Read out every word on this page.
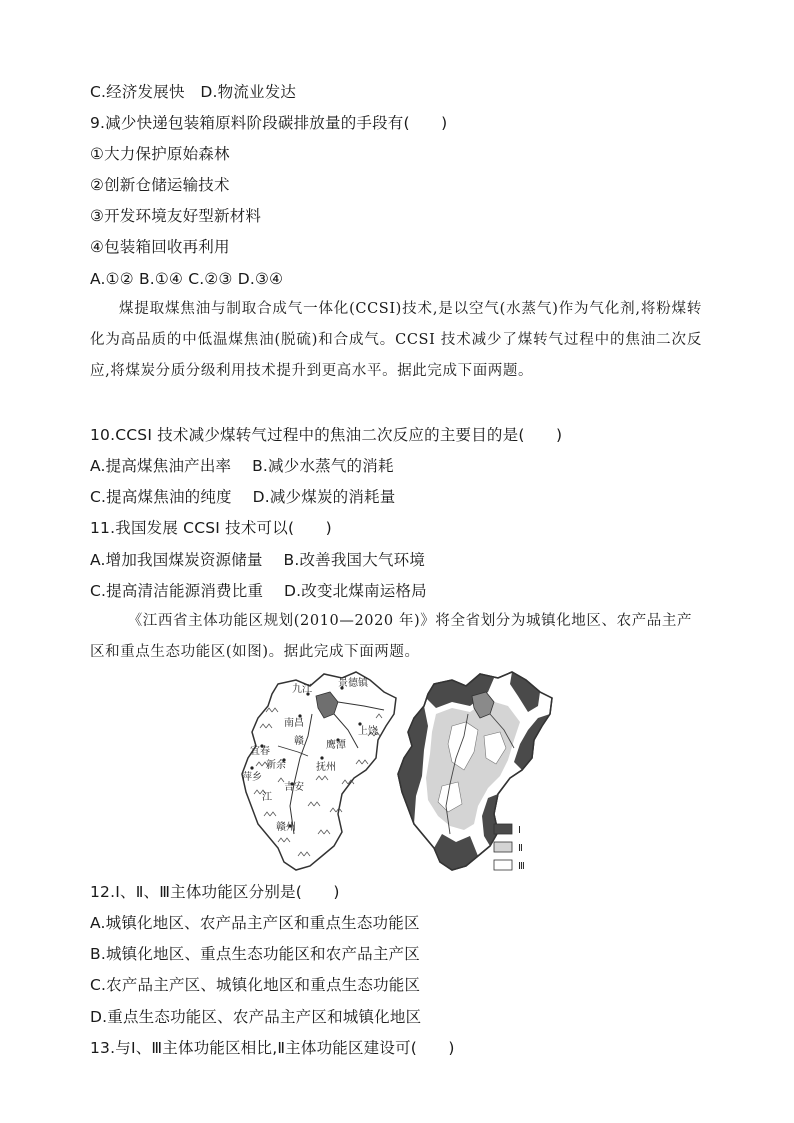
C.经济发展快　D.物流业发达
9.减少快递包装箱原料阶段碳排放量的手段有(　　)
①大力保护原始森林
②创新仓储运输技术
③开发环境友好型新材料
④包装箱回收再利用
A.①② B.①④ C.②③ D.③④
煤提取煤焦油与制取合成气一体化(CCSI)技术,是以空气(水蒸气)作为气化剂,将粉煤转化为高品质的中低温煤焦油(脱硫)和合成气。CCSI 技术减少了煤转气过程中的焦油二次反应,将煤炭分质分级利用技术提升到更高水平。据此完成下面两题。
10.CCSI 技术减少煤转气过程中的焦油二次反应的主要目的是(　　)
A.提高煤焦油产出率　 B.减少水蒸气的消耗
C.提高煤焦油的纯度　 D.减少煤炭的消耗量
11.我国发展 CCSI 技术可以(　　)
A.增加我国煤炭资源储量　 B.改善我国大气环境
C.提高清洁能源消费比重　 D.改变北煤南运格局
《江西省主体功能区规划(2010—2020 年)》将全省划分为城镇化地区、农产品主产区和重点生态功能区(如图)。据此完成下面两题。
九江
景德镇
南昌
上饶
赣 鹰潭
宜春
新余	抚州
萍乡
吉安
江
赣州	Ⅰ
Ⅱ
Ⅲ
12.Ⅰ、Ⅱ、Ⅲ主体功能区分别是(　　)
A.城镇化地区、农产品主产区和重点生态功能区
B.城镇化地区、重点生态功能区和农产品主产区
C.农产品主产区、城镇化地区和重点生态功能区
D.重点生态功能区、农产品主产区和城镇化地区
13.与Ⅰ、Ⅲ主体功能区相比,Ⅱ主体功能区建设可(　　)
